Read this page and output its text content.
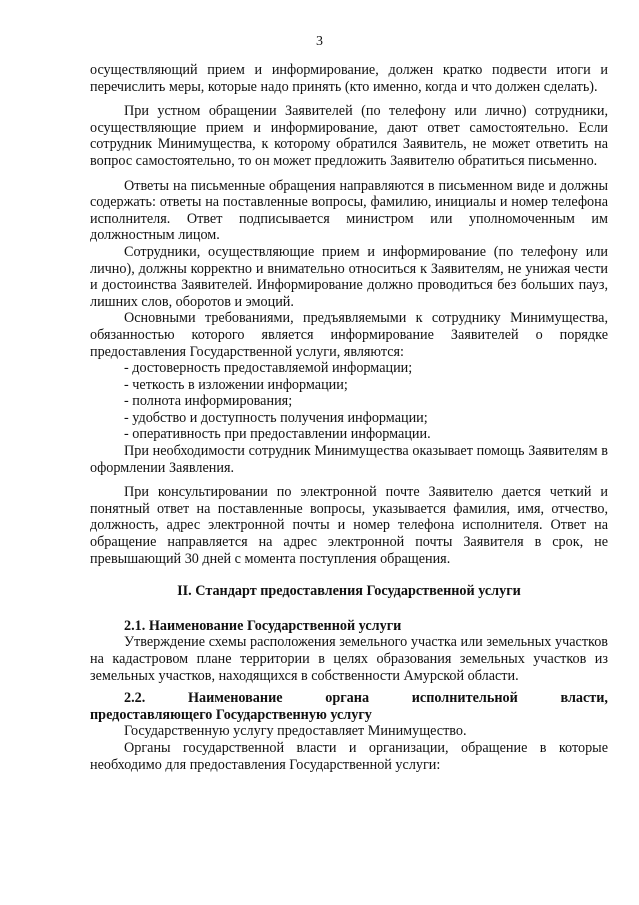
3

осуществляющий прием и информирование, должен кратко подвести итоги и перечислить меры, которые надо принять (кто именно, когда и что должен сделать).

При устном обращении Заявителей (по телефону или лично) сотрудники, осуществляющие прием и информирование, дают ответ самостоятельно. Если сотрудник Минимущества, к которому обратился Заявитель, не может ответить на вопрос самостоятельно, то он может предложить Заявителю обратиться письменно.

Ответы на письменные обращения направляются в письменном виде и должны содержать: ответы на поставленные вопросы, фамилию, инициалы и номер телефона исполнителя. Ответ подписывается министром или уполномоченным им должностным лицом.

Сотрудники, осуществляющие прием и информирование (по телефону или лично), должны корректно и внимательно относиться к Заявителям, не унижая чести и достоинства Заявителей. Информирование должно проводиться без больших пауз, лишних слов, оборотов и эмоций.

Основными требованиями, предъявляемыми к сотруднику Минимущества, обязанностью которого является информирование Заявителей о порядке предоставления Государственной услуги, являются:

- достоверность предоставляемой информации;
- четкость в изложении информации;
- полнота информирования;
- удобство и доступность получения информации;
- оперативность при предоставлении информации.

При необходимости сотрудник Минимущества оказывает помощь Заявителям в оформлении Заявления.

При консультировании по электронной почте Заявителю дается четкий и понятный ответ на поставленные вопросы, указывается фамилия, имя, отчество, должность, адрес электронной почты и номер телефона исполнителя. Ответ на обращение направляется на адрес электронной почты Заявителя в срок, не превышающий 30 дней с момента поступления обращения.

II. Стандарт предоставления Государственной услуги
2.1. Наименование Государственной услуги

Утверждение схемы расположения земельного участка или земельных участков на кадастровом плане территории в целях образования земельных участков из земельных участков, находящихся в собственности Амурской области.

2.2.	Наименование	органа	исполнительной	власти,
предоставляющего Государственную услугу

Государственную услугу предоставляет Минимущество.

Органы государственной власти и организации, обращение в которые необходимо для предоставления Государственной услуги:
